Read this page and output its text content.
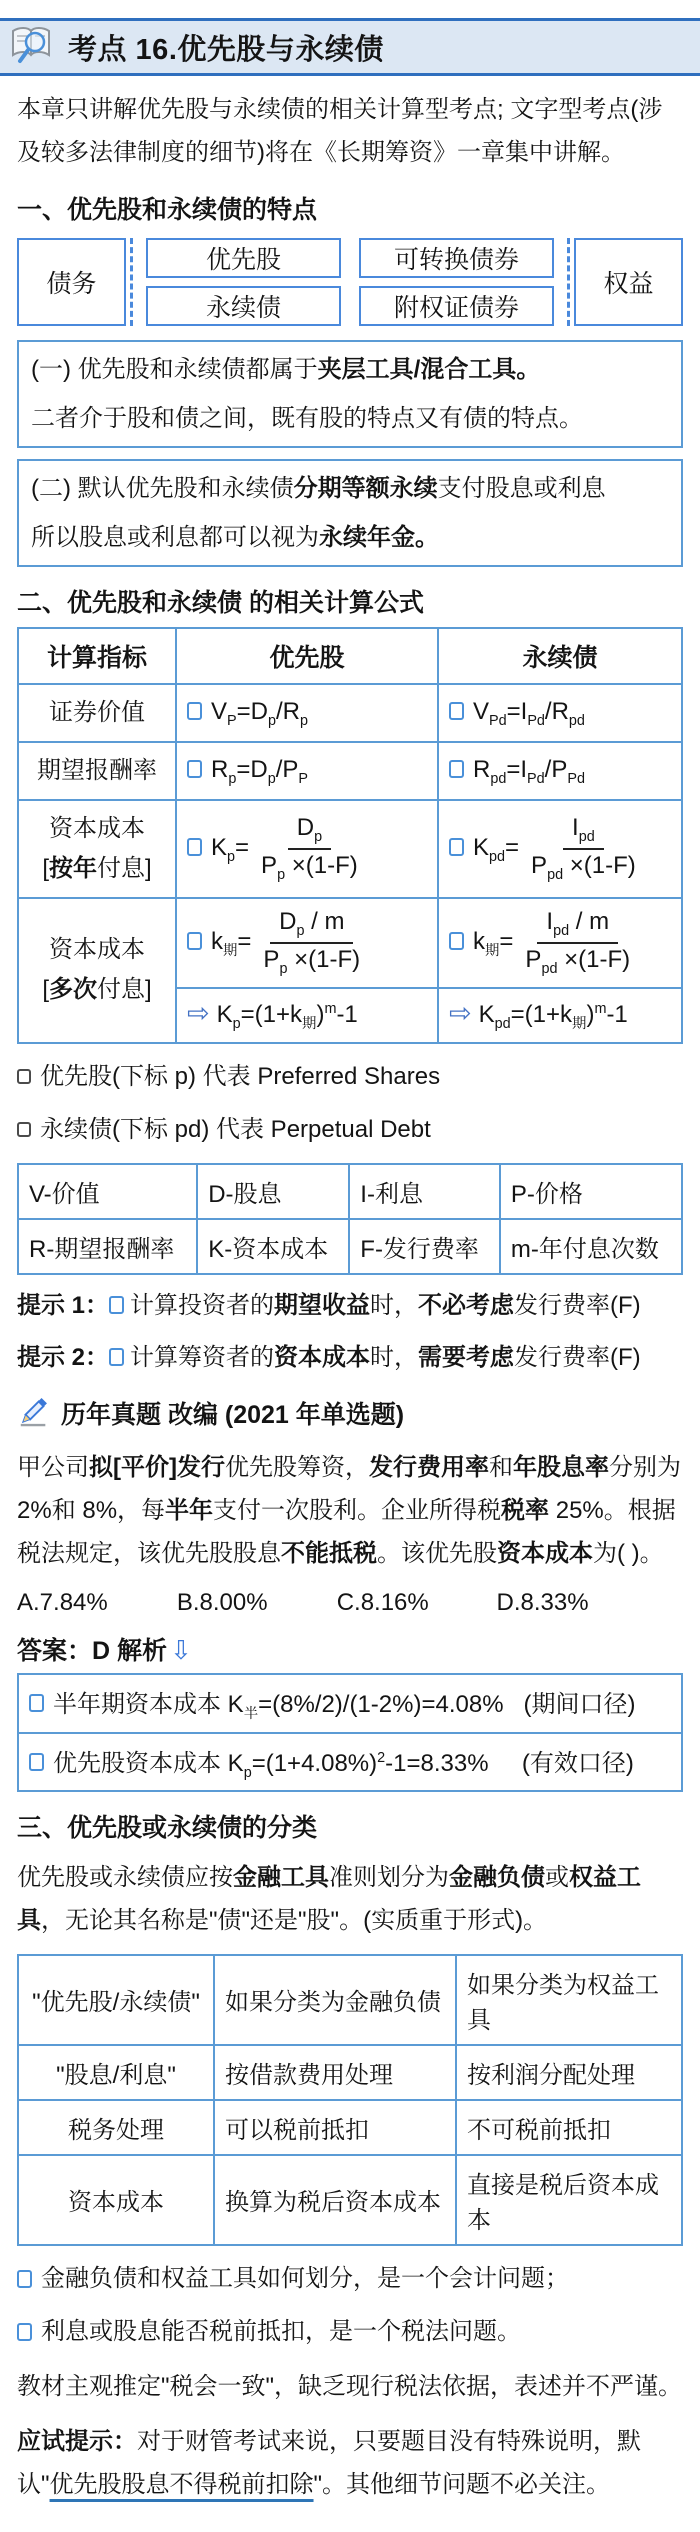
考点 16.优先股与永续债

本章只讲解优先股与永续债的相关计算型考点; 文字型考点(涉及较多法律制度的细节)将在《长期筹资》一章集中讲解。

一、优先股和永续债的特点
债务
优先股
永续债
可转换债券
附权证债券
权益

(一) 优先股和永续债都属于夹层工具/混合工具。

二者介于股和债之间，既有股的特点又有债的特点。

(二) 默认优先股和永续债分期等额永续支付股息或利息

所以股息或利息都可以视为永续年金。

二、优先股和永续债 的相关计算公式
计算指标	优先股	永续债
证券价值	$V_P=D_p/R_p$	$V_{Pd}=I_{Pd}/R_{pd}$
期望报酬率	$R_p=D_p/P_P$	$R_{pd}=I_{Pd}/P_{Pd}$

资本成本
[按年付息]
	$K_p= \frac{D_p}{P_p \times(1-F)}$	$K_{pd}= \frac{I_{pd}}{P_{pd} \times(1-F)}$

资本成本
[多次付息]
	$k_期= \frac{D_p / m}{P_p \times(1-F)}$	$k_期= \frac{I_{pd} / m}{P_{pd} \times(1-F)}$

	⇨ $K_p=(1+k_期)^m-1$	⇨ $K_{pd}=(1+k_期)^m-1$

优先股(下标 p) 代表 Preferred Shares

永续债(下标 pd) 代表 Perpetual Debt

V-价值	D-股息	I-利息	P-价格
R-期望报酬率	K-资本成本	F-发行费率	m-年付息次数

提示 1： 计算投资者的期望收益时，不必考虑发行费率(F)

提示 2： 计算筹资者的资本成本时，需要考虑发行费率(F)

历年真题 改编 (2021 年单选题)

甲公司拟[平价]发行优先股筹资，发行费用率和年股息率分别为2%和 8%，每半年支付一次股利。企业所得税税率 25%。根据税法规定，该优先股股息不能抵税。该优先股资本成本为( )。

A.7.84%	B.8.00%	C.8.16%	D.8.33%

答案：D 解析 ⇩

半年期资本成本 $K_半=(8\%/2)/(1-2\%)=4.08\%$   (期间口径)
优先股资本成本 $K_p=(1+4.08\%)^2-1=8.33\%$     (有效口径)
三、优先股或永续债的分类

优先股或永续债应按金融工具准则划分为金融负债或权益工具，无论其名称是"债"还是"股"。(实质重于形式)。

"优先股/永续债"	如果分类为金融负债	如果分类为权益工具
"股息/利息"	按借款费用处理	按利润分配处理
税务处理	可以税前抵扣	不可税前抵扣
资本成本	换算为税后资本成本	直接是税后资本成本

金融负债和权益工具如何划分，是一个会计问题；

利息或股息能否税前抵扣，是一个税法问题。

教材主观推定"税会一致"，缺乏现行税法依据，表述并不严谨。

应试提示：对于财管考试来说，只要题目没有特殊说明，默认"优先股股息不得税前扣除"。其他细节问题不必关注。
